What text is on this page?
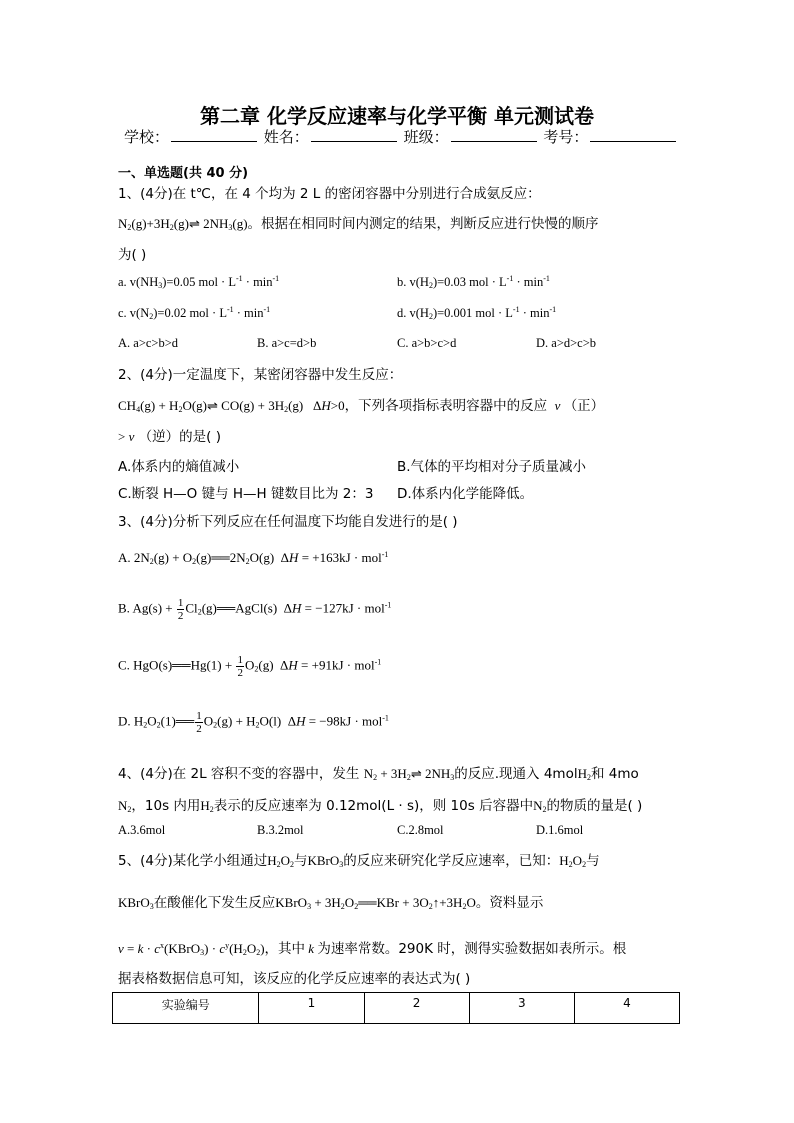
第二章 化学反应速率与化学平衡 单元测试卷
学校：	姓名：	班级：	考号：
一、单选题(共 40 分)
1、(4分)在 t℃，在 4 个均为 2 L 的密闭容器中分别进行合成氨反应：
$N_2(g)+3H_2(g)\rightleftharpoons$ $2NH_3(g)$。根据在相同时间内测定的结果，判断反应进行快慢的顺序
为( )
a. $v(NH_3)=0.05$ mol · $L^{-1} \cdot \min^{-1}$	b. $v(H_2)=0.03$ mol · $L^{-1} \cdot \min^{-1}$
c. $v(N_2)=0.02$ mol · $L^{-1} \cdot \min^{-1}$	d. $v(H_2)=0.001$ mol · $L^{-1} \cdot \min^{-1}$
A. a>c>b>d	B. a>c=d>b	C. a>b>c>d	D. a>d>c>b
2、(4分)一定温度下，某密闭容器中发生反应：
$CH_4(g)$ + $H_2O(g)\rightleftharpoons$ $CO(g) + 3H_2(g)$   ΔH>0，下列各项指标表明容器中的反应  v （正）
> v （逆）的是( )
A.体系内的熵值减小	B.气体的平均相对分子质量减小
C.断裂 H—O 键与 H—H 键数目比为 2：3 D.体系内化学能降低。
3、(4分)分析下列反应在任何温度下均能自发进行的是( )
A. $2N_2(g)$ + $O_2(g)══2N_2O(g) \Delta H = +163kJ \cdot mol^{-1}$
B. $Ag(s) + \frac{1}{2}$ $Cl_2(g)══AgCl(s) \Delta H = -127kJ \cdot mol^{-1}$
C. HgO(s)══Hg(1) + $\frac{1}{2} O_2(g) \Delta H = +91kJ \cdot mol^{-1}$
D. $H_2O_2(1)══ \frac{1}{2} O_2(g) + H_2O(l) \Delta H = -98kJ \cdot mol^{-1}$
4、(4分)在 2L 容积不变的容器中，发生 $N_2$ + $3H_2\rightleftharpoons$ $2NH_3$的反应.现通入 4molH$_2$和 4mo
$N_2$，10s 内用$H_2$表示的反应速率为 0.12mol(L · s)，则 10s 后容器中$N_2$的物质的量是( )
A.3.6mol	B.3.2mol	C.2.8mol	D.1.6mol
5、(4分)某化学小组通过$H_2O_2$与KBrO$_3$的反应来研究化学反应速率，已知：$H_2O_2$与
KBrO$_3$在酸催化下发生反应KBrO$_3$ + $3H_2O_2══KBr$ + $3O_2↑+3H_2O$。资料显示
$v = k \cdot c^x(KBrO_3) \cdot c^y(H_2O_2)$，其中 k 为速率常数。290K 时，测得实验数据如表所示。根
据表格数据信息可知，该反应的化学反应速率的表达式为( )
实验编号	1	2	3	4
